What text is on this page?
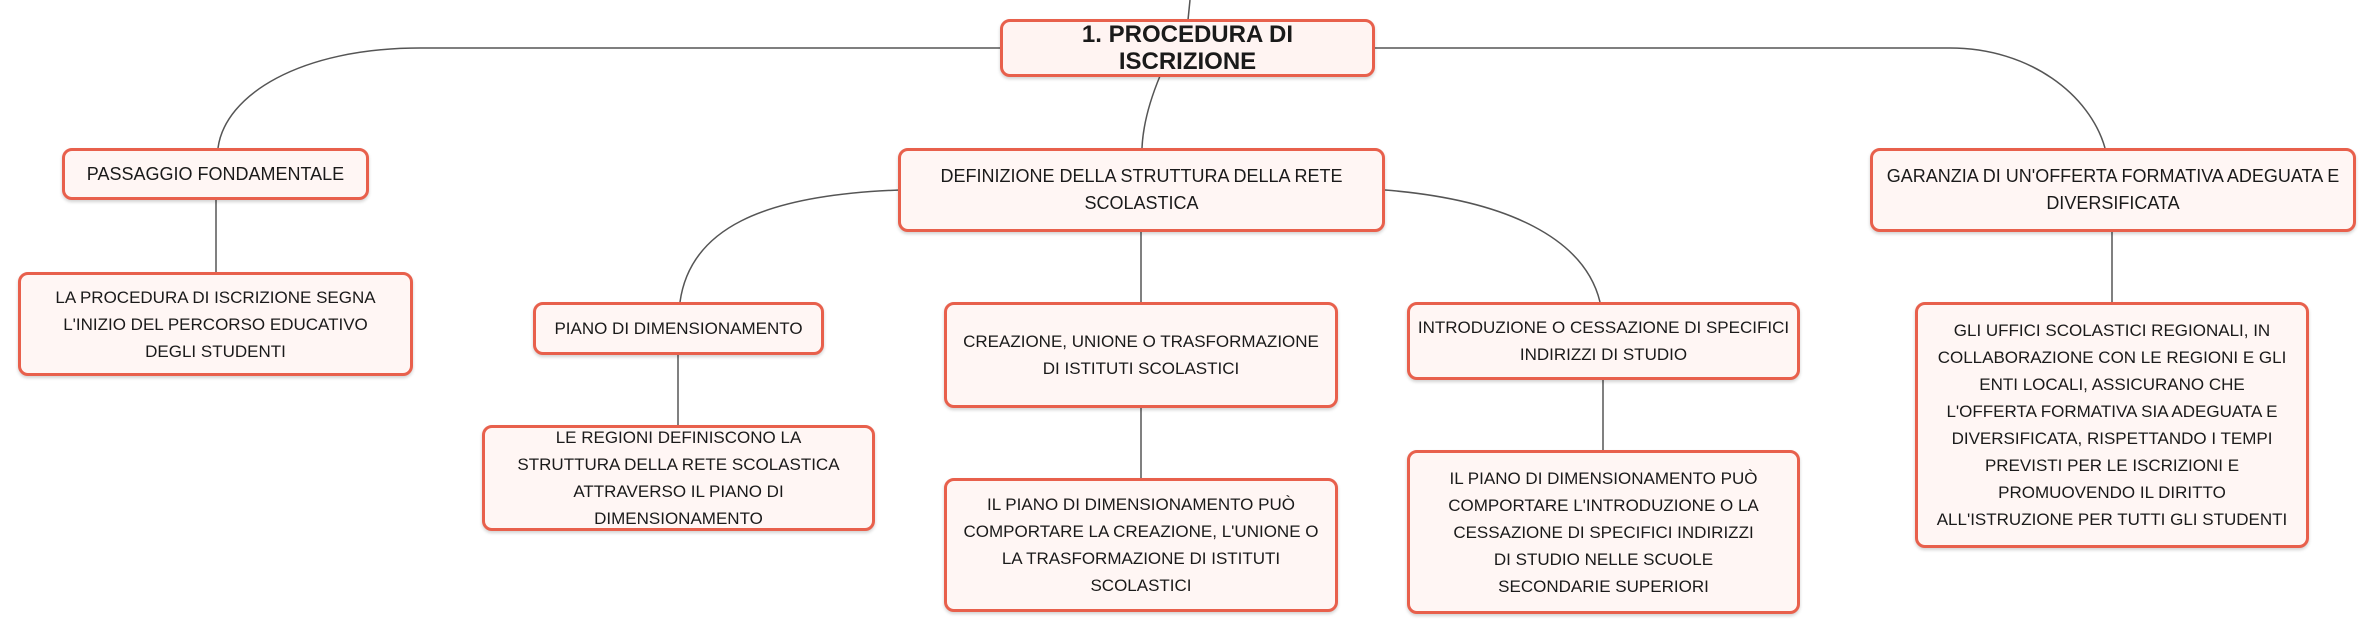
1. PROCEDURA DI ISCRIZIONE
PASSAGGIO FONDAMENTALE
LA PROCEDURA DI ISCRIZIONE SEGNA L'INIZIO DEL PERCORSO EDUCATIVO DEGLI STUDENTI
DEFINIZIONE DELLA STRUTTURA DELLA RETE SCOLASTICA
PIANO DI DIMENSIONAMENTO
LE REGIONI DEFINISCONO LA STRUTTURA DELLA RETE SCOLASTICA ATTRAVERSO IL PIANO DI DIMENSIONAMENTO
CREAZIONE, UNIONE O TRASFORMAZIONE DI ISTITUTI SCOLASTICI
IL PIANO DI DIMENSIONAMENTO PUÒ COMPORTARE LA CREAZIONE, L'UNIONE O LA TRASFORMAZIONE DI ISTITUTI SCOLASTICI
INTRODUZIONE O CESSAZIONE DI SPECIFICI INDIRIZZI DI STUDIO
IL PIANO DI DIMENSIONAMENTO PUÒ COMPORTARE L'INTRODUZIONE O LA CESSAZIONE DI SPECIFICI INDIRIZZI DI STUDIO NELLE SCUOLE SECONDARIE SUPERIORI
GARANZIA DI UN'OFFERTA FORMATIVA ADEGUATA E DIVERSIFICATA
GLI UFFICI SCOLASTICI REGIONALI, IN COLLABORAZIONE CON LE REGIONI E GLI ENTI LOCALI, ASSICURANO CHE L'OFFERTA FORMATIVA SIA ADEGUATA E DIVERSIFICATA, RISPETTANDO I TEMPI PREVISTI PER LE ISCRIZIONI E PROMUOVENDO IL DIRITTO ALL'ISTRUZIONE PER TUTTI GLI STUDENTI
